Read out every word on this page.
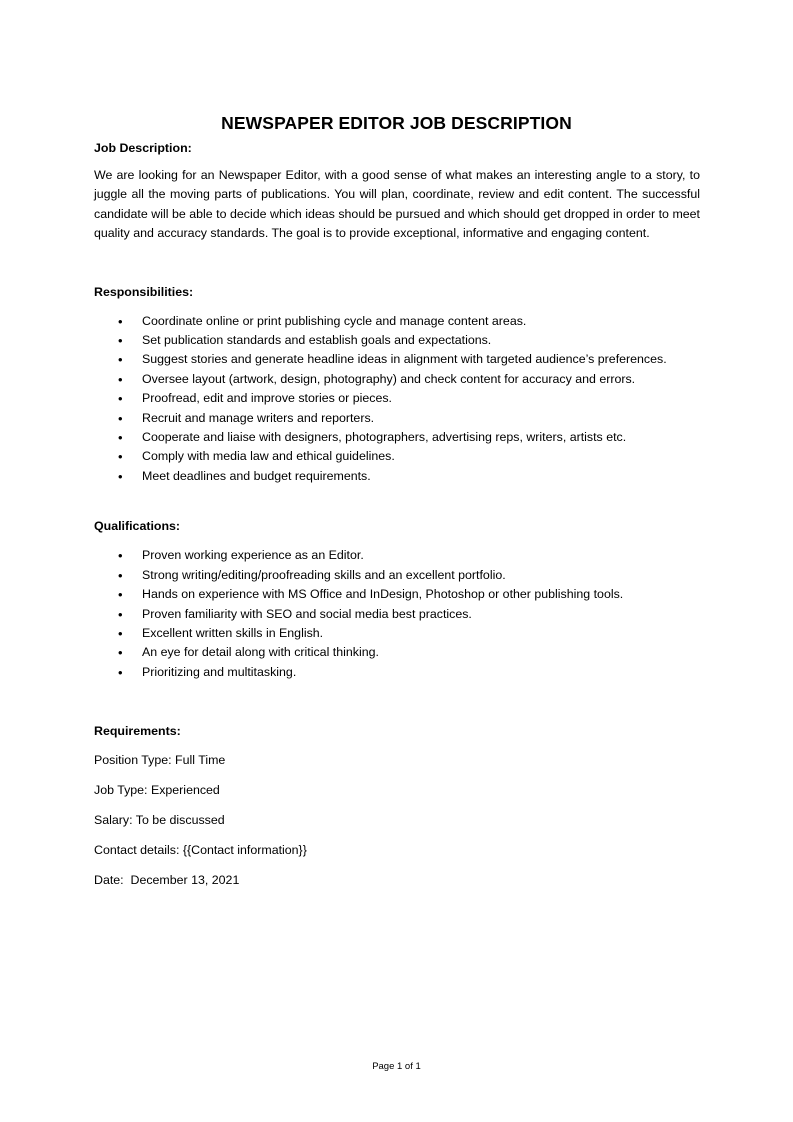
NEWSPAPER EDITOR JOB DESCRIPTION
Job Description:

We are looking for an Newspaper Editor, with a good sense of what makes an interesting angle to a story, to juggle all the moving parts of publications. You will plan, coordinate, review and edit content. The successful candidate will be able to decide which ideas should be pursued and which should get dropped in order to meet quality and accuracy standards. The goal is to provide exceptional, informative and engaging content.

Responsibilities:
• Coordinate online or print publishing cycle and manage content areas.
• Set publication standards and establish goals and expectations.
• Suggest stories and generate headline ideas in alignment with targeted audience’s preferences.
• Oversee layout (artwork, design, photography) and check content for accuracy and errors.
• Proofread, edit and improve stories or pieces.
• Recruit and manage writers and reporters.
• Cooperate and liaise with designers, photographers, advertising reps, writers, artists etc.
• Comply with media law and ethical guidelines.
• Meet deadlines and budget requirements.
Qualifications:
• Proven working experience as an Editor.
• Strong writing/editing/proofreading skills and an excellent portfolio.
• Hands on experience with MS Office and InDesign, Photoshop or other publishing tools.
• Proven familiarity with SEO and social media best practices.
• Excellent written skills in English.
• An eye for detail along with critical thinking.
• Prioritizing and multitasking.
Requirements:
Position Type: Full Time
Job Type: Experienced
Salary: To be discussed
Contact details: {{Contact information}}
Date:  December 13, 2021
Page 1 of 1
